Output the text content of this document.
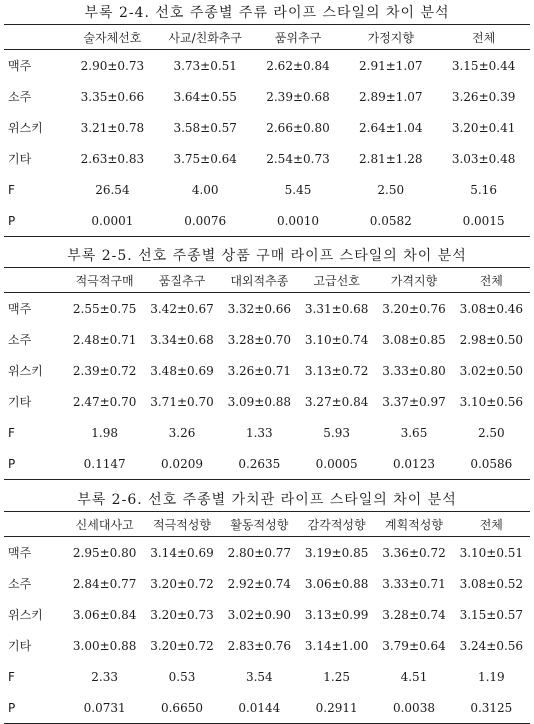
부록 2-4. 선호 주종별 주류 라이프 스타일의 차이 분석
	술자체선호	사교/친화추구	품위추구	가정지향	전체
맥주	2.90±0.73	3.73±0.51	2.62±0.84	2.91±1.07	3.15±0.44
소주	3.35±0.66	3.64±0.55	2.39±0.68	2.89±1.07	3.26±0.39
위스키	3.21±0.78	3.58±0.57	2.66±0.80	2.64±1.04	3.20±0.41
기타	2.63±0.83	3.75±0.64	2.54±0.73	2.81±1.28	3.03±0.48
F	26.54	4.00	5.45	2.50	5.16
P	0.0001	0.0076	0.0010	0.0582	0.0015
부록 2-5. 선호 주종별 상품 구매 라이프 스타일의 차이 분석
	적극적구매	품질추구	대외적추종	고급선호	가격지향	전체
맥주	2.55±0.75	3.42±0.67	3.32±0.66	3.31±0.68	3.20±0.76	3.08±0.46
소주	2.48±0.71	3.34±0.68	3.28±0.70	3.10±0.74	3.08±0.85	2.98±0.50
위스키	2.39±0.72	3.48±0.69	3.26±0.71	3.13±0.72	3.33±0.80	3.02±0.50
기타	2.47±0.70	3.71±0.70	3.09±0.88	3.27±0.84	3.37±0.97	3.10±0.56
F	1.98	3.26	1.33	5.93	3.65	2.50
P	0.1147	0.0209	0.2635	0.0005	0.0123	0.0586
부록 2-6. 선호 주종별 가치관 라이프 스타일의 차이 분석
	신세대사고	적극적성향	활동적성향	감각적성향	계획적성향	전체
맥주	2.95±0.80	3.14±0.69	2.80±0.77	3.19±0.85	3.36±0.72	3.10±0.51
소주	2.84±0.77	3.20±0.72	2.92±0.74	3.06±0.88	3.33±0.71	3.08±0.52
위스키	3.06±0.84	3.20±0.73	3.02±0.90	3.13±0.99	3.28±0.74	3.15±0.57
기타	3.00±0.88	3.20±0.72	2.83±0.76	3.14±1.00	3.79±0.64	3.24±0.56
F	2.33	0.53	3.54	1.25	4.51	1.19
P	0.0731	0.6650	0.0144	0.2911	0.0038	0.3125
